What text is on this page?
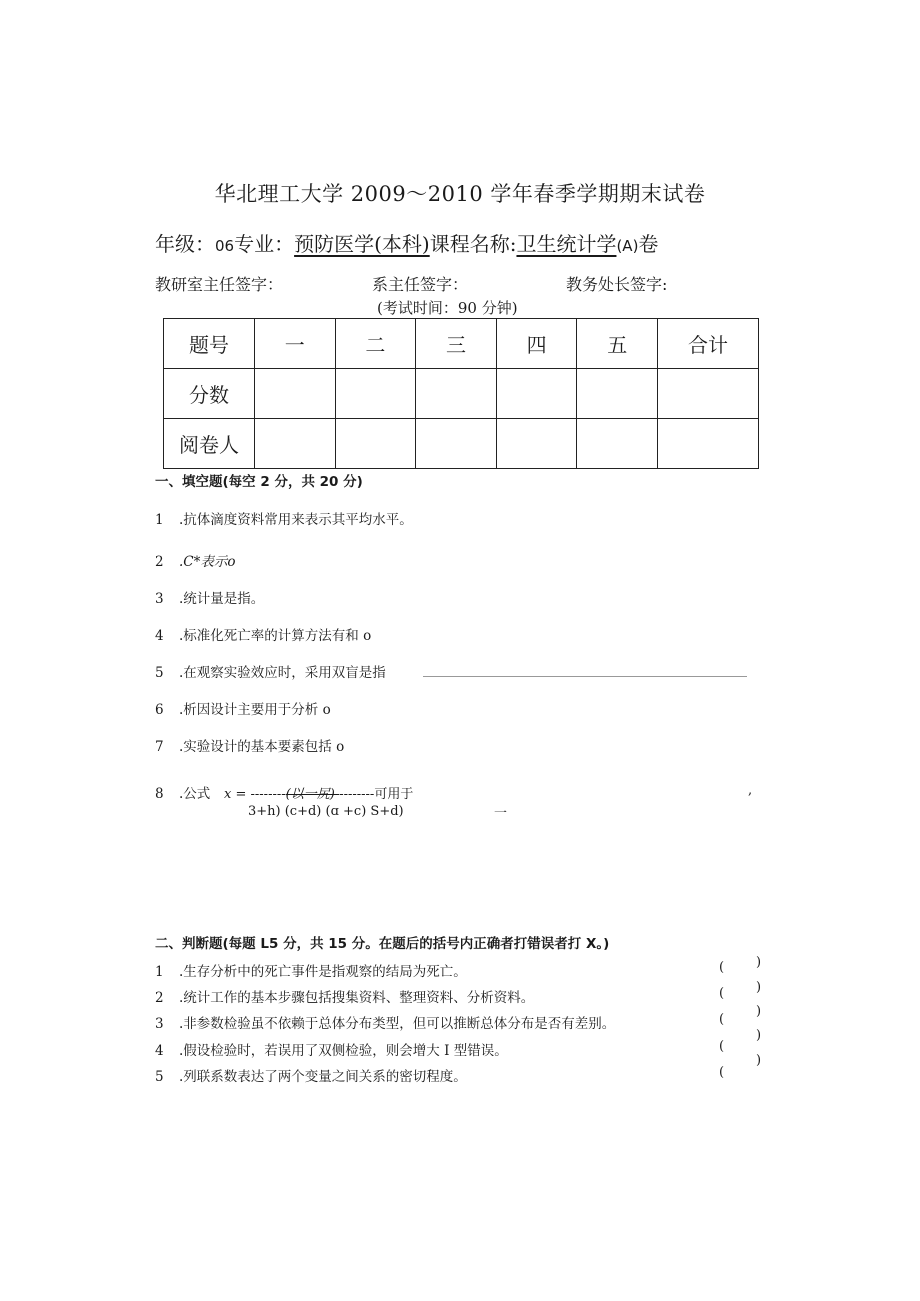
华北理工大学 2009～2010 学年春季学期期末试卷
年级：06专业：预防医学(本科)课程名称:卫生统计学(A)卷
教研室主任签字：	系主任签字：	教务处长签字:
(考试时间：90 分钟)
题号	一	二	三	四	五	合计
分数						
阅卷人						
一、填空题(每空 2 分，共 20 分)
1 .抗体滴度资料常用来表示其平均水平。
2 .C*表示o
3 .统计量是指。
4 .标准化死亡率的计算方法有和 o
5 .在观察实验效应时，采用双盲是指
6 .析因设计主要用于分析 o
7 .实验设计的基本要素包括 o
8 .公式 x = --------(以一尻)---------可用于	,
3+h) (c+d) (ɑ +c) S+d)	一
二、判断题(每题 L5 分，共 15 分。在题后的括号内正确者打错误者打 X。)
1 .生存分析中的死亡事件是指观察的结局为死亡。
2 .统计工作的基本步骤包括搜集资料、整理资料、分析资料。
3 .非参数检验虽不依赖于总体分布类型，但可以推断总体分布是否有差别。
4 .假设检验时，若误用了双侧检验，则会增大 I 型错误。
5 .列联系数表达了两个变量之间关系的密切程度。
(
(
(
(
(
)
)
)
)
)
